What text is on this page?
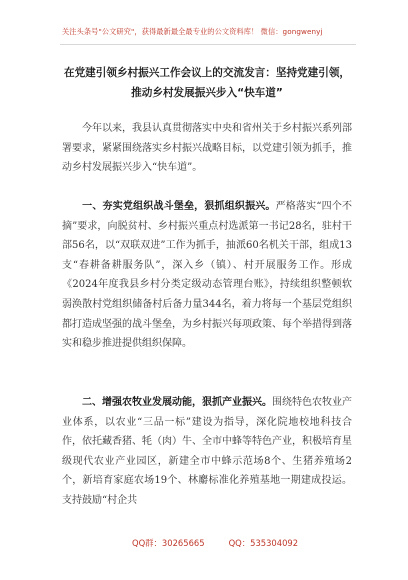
关注头条号"公文研究"，获得最新最全最专业的公文资料库！ 微信：gongwenyj
在党建引领乡村振兴工作会议上的交流发言：坚持党建引领，推动乡村发展振兴步入“快车道”
今年以来，我县认真贯彻落实中央和省州关于乡村振兴系列部署要求，紧紧围绕落实乡村振兴战略目标，以党建引领为抓手，推动乡村发展振兴步入“快车道”。
一、夯实党组织战斗堡垒，狠抓组织振兴。严格落实“四个不摘”要求，向脱贫村、乡村振兴重点村选派第一书记28名，驻村干部56名，以“双联双进”工作为抓手，抽派60名机关干部，组成13支“春耕备耕服务队”，深入乡（镇）、村开展服务工作。形成《2024年度我县乡村分类定级动态管理台账》，持续组织整顿软弱涣散村党组织储备村后备力量344名，着力将每一个基层党组织都打造成坚强的战斗堡垒，为乡村振兴每项政策、每个举措得到落实和稳步推进提供组织保障。
二、增强农牧业发展动能，狠抓产业振兴。围绕特色农牧业产业体系，以农业“三品一标”建设为指导，深化院地校地科技合作，依托藏香猪、牦（肉）牛、全市中蜂等特色产业，积极培育星级现代农业产业园区，新建全市中蜂示范场8个、生猪养殖场2个，新培育家庭农场19个、林麝标准化养殖基地一期建成投运。支持鼓励“村企共
QQ群：30265665	QQ：535304092
